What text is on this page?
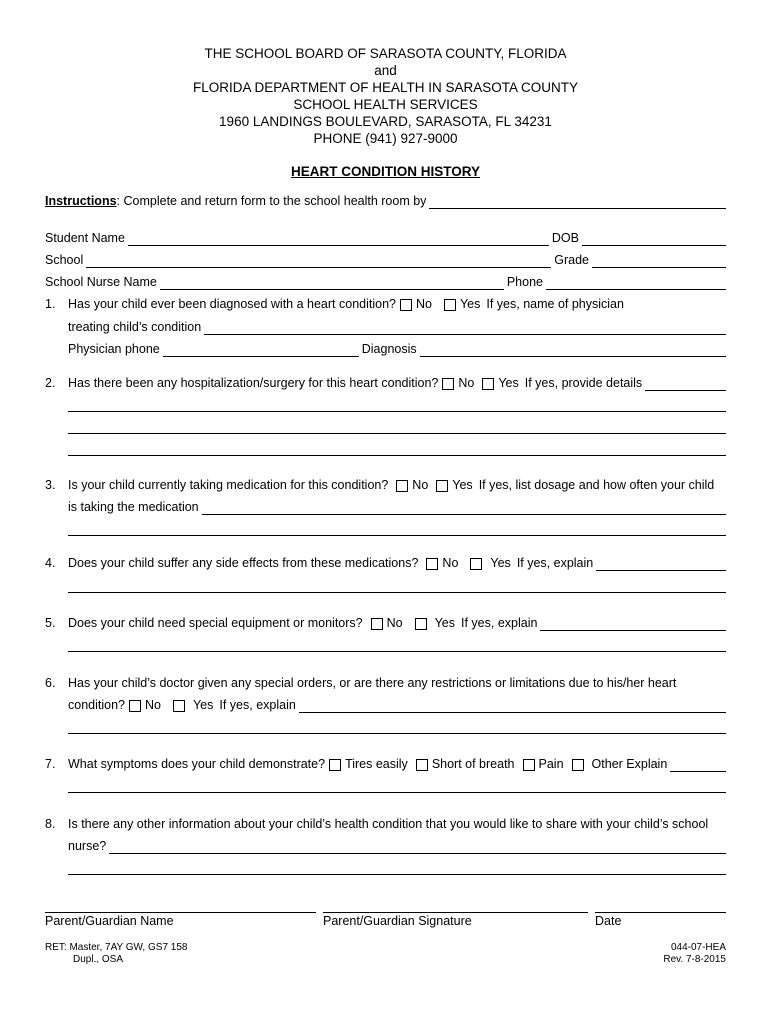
THE SCHOOL BOARD OF SARASOTA COUNTY, FLORIDA
and
FLORIDA DEPARTMENT OF HEALTH IN SARASOTA COUNTY
SCHOOL HEALTH SERVICES
1960 LANDINGS BOULEVARD, SARASOTA, FL 34231
PHONE (941) 927-9000
HEART CONDITION HISTORY
Instructions : Complete and return form to the school health room by
Student Name	DOB
School	Grade
School Nurse Name	Phone
1.	Has your child ever been diagnosed with a heart condition? No Yes If yes, name of physician
treating child’s condition
Physician phone	Diagnosis
2.	Has there been any hospitalization/surgery for this heart condition? No Yes If yes, provide details
3.	Is your child currently taking medication for this condition? No Yes If yes, list dosage and how often your child
is taking the medication
4.	Does your child suffer any side effects from these medications? No	Yes If yes, explain
5.	Does your child need special equipment or monitors? No	Yes If yes, explain
6.	Has your child’s doctor given any special orders, or are there any restrictions or limitations due to his/her heart
condition? No	Yes If yes, explain
7.	What symptoms does your child demonstrate? Tires easily Short of breath Pain Other Explain
8.	Is there any other information about your child’s health condition that you would like to share with your child’s school
nurse?
Parent/Guardian Name	Parent/Guardian Signature	Date
RET: Master, 7AY GW, GS7 158
Dupl., OSA
044-07-HEA
Rev. 7-8-2015
